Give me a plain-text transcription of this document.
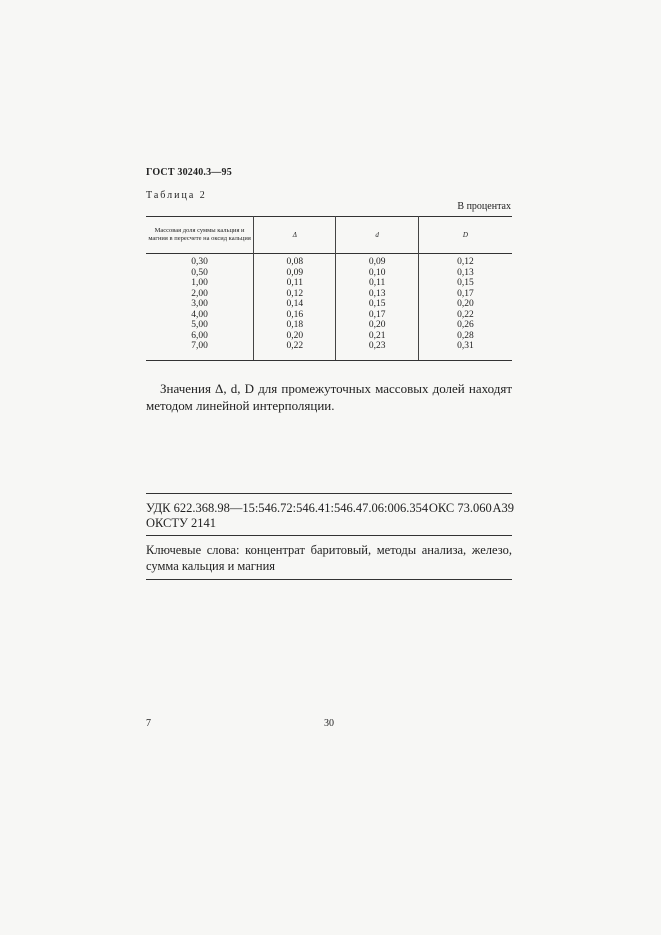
ГОСТ 30240.3—95
Таблица 2
В процентах
Массовая доля суммы кальция и магния в пересчете на оксид кальция	Δ	d	D
0,30	0,08	0,09	0,12
0,50	0,09	0,10	0,13
1,00	0,11	0,11	0,15
2,00	0,12	0,13	0,17
3,00	0,14	0,15	0,20
4,00	0,16	0,17	0,22
5,00	0,18	0,20	0,26
6,00	0,20	0,21	0,28
7,00	0,22	0,23	0,31
Значения Δ, d, D для промежуточных массовых долей находят методом линейной интерполяции.
УДК 622.368.98—15:546.72:546.41:546.47.06:006.354 ОКС 73.060 А39
ОКСТУ 2141
Ключевые слова: концентрат баритовый, методы анализа, железо, сумма кальция и магния
7	30
